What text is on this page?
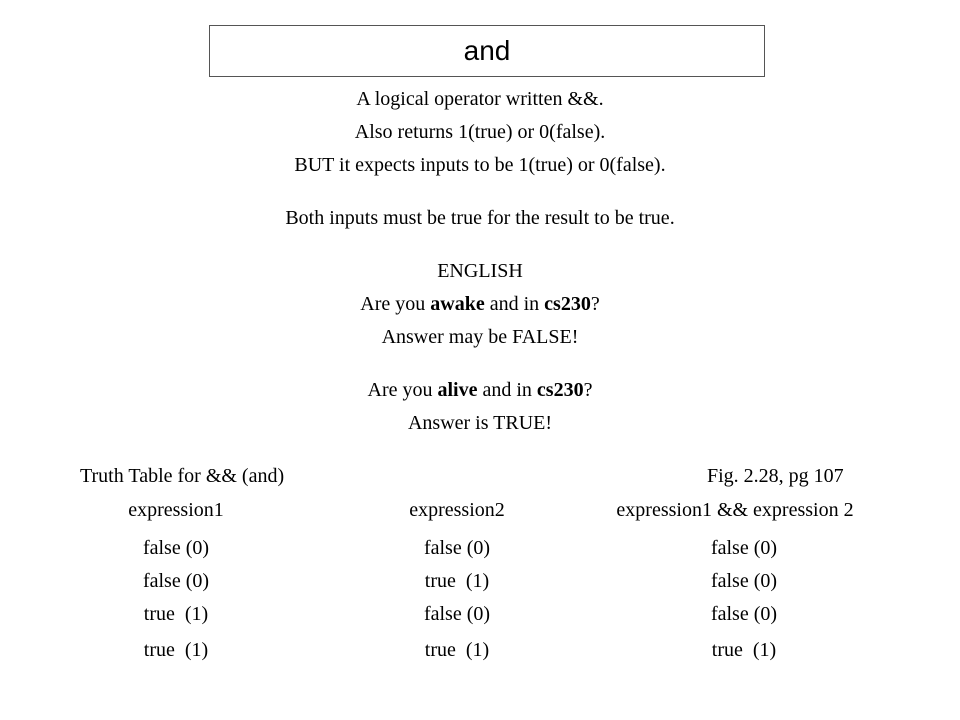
and
A logical operator written &&.
Also returns 1(true) or 0(false).
BUT it expects inputs to be 1(true) or 0(false).
Both inputs must be true for the result to be true.
ENGLISH
Are you awake and in cs230?
Answer may be FALSE!
Are you alive and in cs230?
Answer is TRUE!
Truth Table for && (and)	Fig. 2.28, pg 107
expression1	expression2	expression1 && expression 2
false (0)	false (0)	false (0)
false (0)	true  (1)	false (0)
true  (1)	false (0)	false (0)
true  (1)	true  (1)	true  (1)
